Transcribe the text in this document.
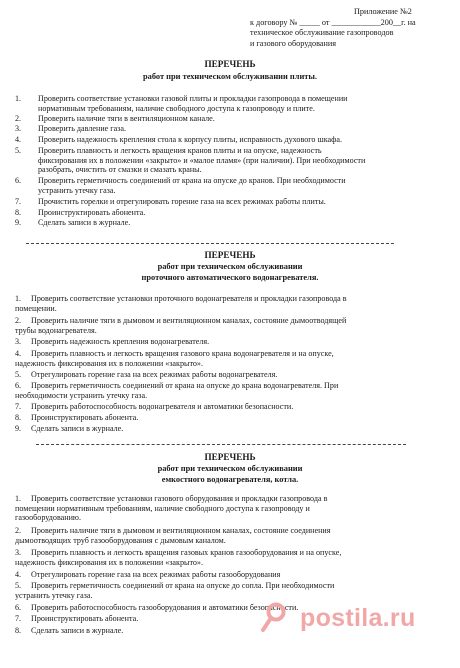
Приложение №2
к договору № _____ от ____________200__г. на
техническое обслуживание газопроводов
и газового оборудования
ПЕРЕЧЕНЬ
работ при техническом обслуживании плиты.
1. Проверить соответствие установки газовой плиты и прокладки газопровода в помещении
нормативным требованиям, наличие свободного доступа к газопроводу и плите.
2. Проверить наличие тяги в вентиляционном канале.
3. Проверить давление газа.
4. Проверить надежность крепления стола к корпусу плиты, исправность духового шкафа.
5. Проверить плавность и легкость вращения кранов плиты и на опуске, надежность
фиксирования их в положении «закрыто» и «малое пламя» (при наличии). При необходимости
разобрать, очистить от смазки и смазать краны.
6. Проверить герметичность соединений от крана на опуске до кранов. При необходимости
устранить утечку газа.
7. Прочистить горелки и отрегулировать горение газа на всех режимах работы плиты.
8. Проинструктировать абонента.
9. Сделать записи в журнале.
ПЕРЕЧЕНЬ
работ при техническом обслуживании
проточного автоматического водонагревателя.
1. Проверить соответствие установки проточного водонагревателя и прокладки газопровода в
помещении.
2. Проверить наличие тяги в дымовом и вентиляционном каналах, состояние дымоотводящей
трубы водонагревателя.
3. Проверить надежность крепления водонагревателя.
4. Проверить плавность и легкость вращения газового крана водонагревателя и на опуске,
надежность фиксирования их в положении «закрыто».
5. Отрегулировать горение газа на всех режимах работы водонагревателя.
6. Проверить герметичность соединений от крана на опуске до крана водонагревателя. При
необходимости устранить утечку газа.
7. Проверить работоспособность водонагревателя и автоматики безопасности.
8. Проинструктировать абонента.
9. Сделать записи в журнале.
ПЕРЕЧЕНЬ
работ при техническом обслуживании
емкостного водонагревателя, котла.
1. Проверить соответствие установки газового оборудования и прокладки газопровода в
помещении нормативным требованиям, наличие свободного доступа к газопроводу и
газооборудованию.
2. Проверить наличие тяги в дымовом и вентиляционном каналах, состояние соединения
дымоотводящих труб газооборудования с дымовым каналом.
3. Проверить плавность и легкость вращения газовых кранов газооборудования и на опуске,
надежность фиксирования их в положении «закрыто».
4. Отрегулировать горение газа на всех режимах работы газооборудования
5. Проверить герметичность соединений от крана на опуске до сопла. При необходимости
устранить утечку газа.
6. Проверить работоспособность газооборудования и автоматики безопасности.
7. Проинструктировать абонента.
8. Сделать записи в журнале.	postila.ru
